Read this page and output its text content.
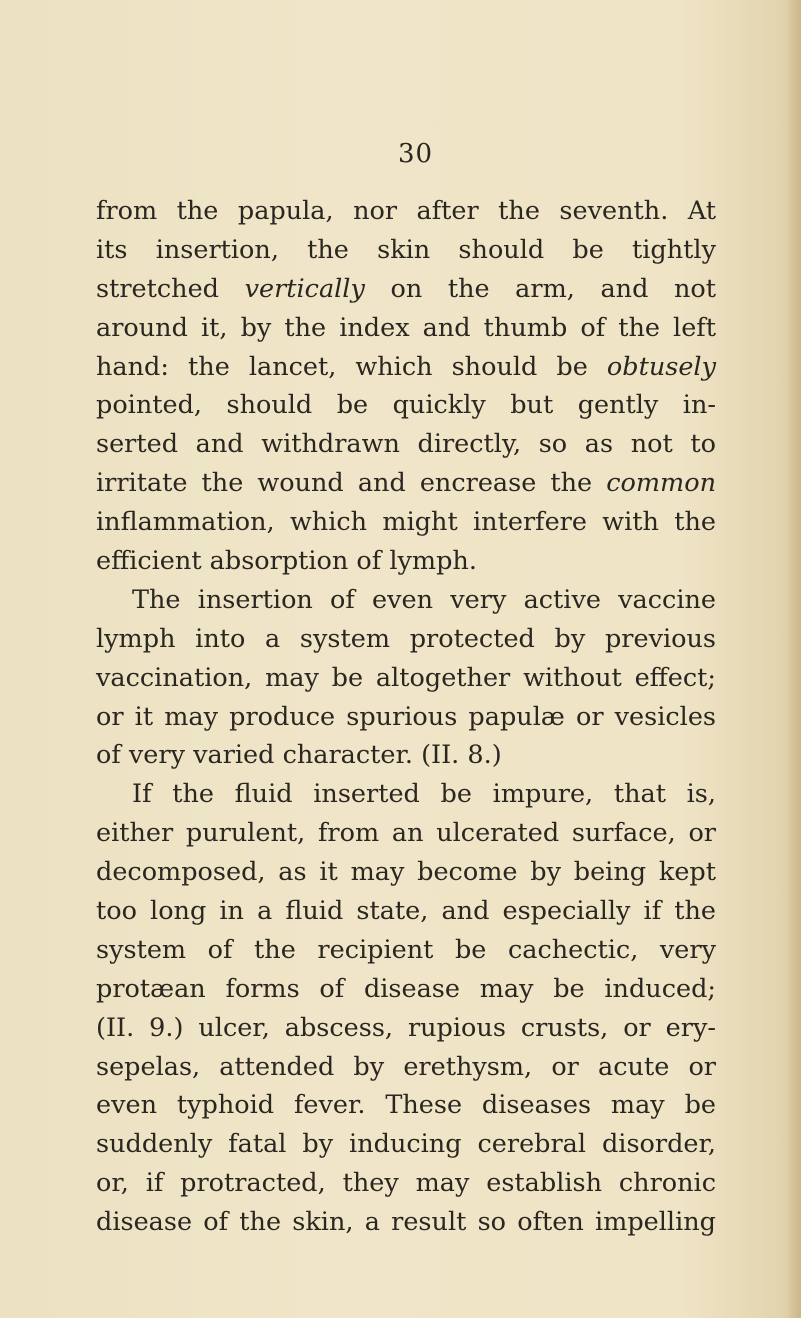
30
from the papula, nor after the seventh. At
its insertion, the skin should be tightly
stretched vertically on the arm, and not
around it, by the index and thumb of the left
hand: the lancet, which should be obtusely
pointed, should be quickly but gently in-
serted and withdrawn directly, so as not to
irritate the wound and encrease the common
inflammation, which might interfere with the
efficient absorption of lymph.
The insertion of even very active vaccine
lymph into a system protected by previous
vaccination, may be altogether without effect;
or it may produce spurious papulæ or vesicles
of very varied character. (II. 8.)
If the fluid inserted be impure, that is,
either purulent, from an ulcerated surface, or
decomposed, as it may become by being kept
too long in a fluid state, and especially if the
system of the recipient be cachectic, very
protæan forms of disease may be induced;
(II. 9.) ulcer, abscess, rupious crusts, or ery-
sepelas, attended by erethysm, or acute or
even typhoid fever. These diseases may be
suddenly fatal by inducing cerebral disorder,
or, if protracted, they may establish chronic
disease of the skin, a result so often impelling
